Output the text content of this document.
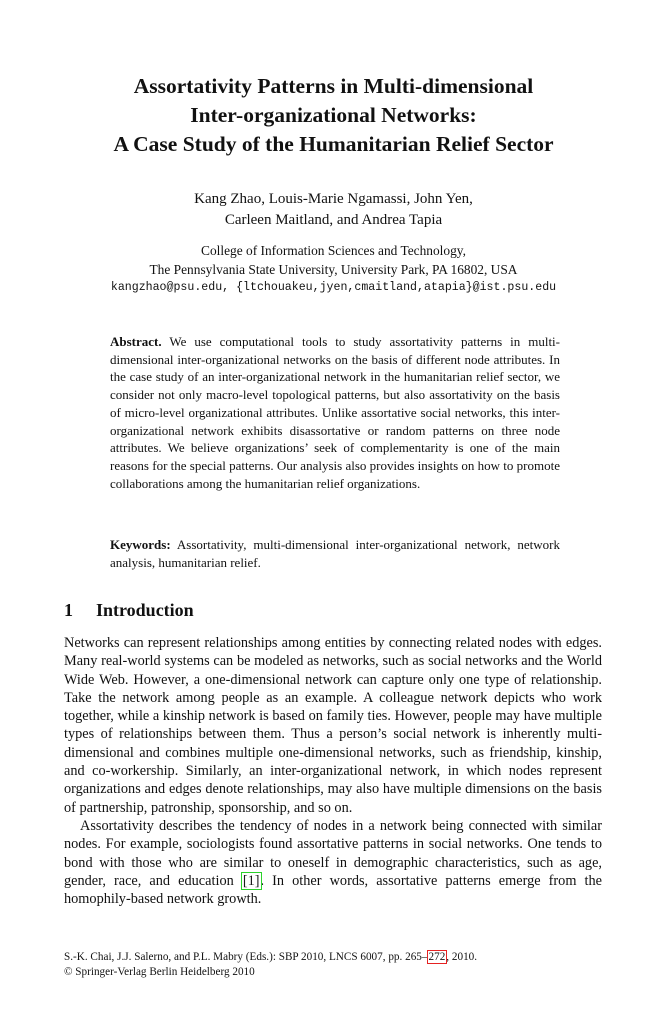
Assortativity Patterns in Multi-dimensional
Inter-organizational Networks:
A Case Study of the Humanitarian Relief Sector
Kang Zhao, Louis-Marie Ngamassi, John Yen,
Carleen Maitland, and Andrea Tapia
College of Information Sciences and Technology,
The Pennsylvania State University, University Park, PA 16802, USA
kangzhao@psu.edu, {ltchouakeu,jyen,cmaitland,atapia}@ist.psu.edu
Abstract. We use computational tools to study assortativity patterns in multi-dimensional inter-organizational networks on the basis of different node attributes. In the case study of an inter-organizational network in the humanitarian relief sector, we consider not only macro-level topological patterns, but also assortativity on the basis of micro-level organizational attributes. Unlike assortative social networks, this inter-organizational network exhibits disassortative or random patterns on three node attributes. We believe organizations’ seek of complementarity is one of the main reasons for the special patterns. Our analysis also provides insights on how to promote collaborations among the humanitarian relief organizations.
Keywords: Assortativity, multi-dimensional inter-organizational network, network analysis, humanitarian relief.
1 Introduction

Networks can represent relationships among entities by connecting related nodes with edges. Many real-world systems can be modeled as networks, such as social networks and the World Wide Web. However, a one-dimensional network can capture only one type of relationship. Take the network among people as an example. A colleague network depicts who work together, while a kinship network is based on family ties. However, people may have multiple types of relationships between them. Thus a person’s social network is inherently multi-dimensional and combines multiple one-dimensional networks, such as friendship, kinship, and co-workership. Similarly, an inter-organizational network, in which nodes represent organizations and edges denote relationships, may also have multiple dimensions on the basis of partnership, patronship, sponsorship, and so on.

Assortativity describes the tendency of nodes in a network being connected with similar nodes. For example, sociologists found assortative patterns in social networks. One tends to bond with those who are similar to oneself in demographic characteristics, such as age, gender, race, and education [1]. In other words, assortative patterns emerge from the homophily-based network growth.

S.-K. Chai, J.J. Salerno, and P.L. Mabry (Eds.): SBP 2010, LNCS 6007, pp. 265–272, 2010.
© Springer-Verlag Berlin Heidelberg 2010
